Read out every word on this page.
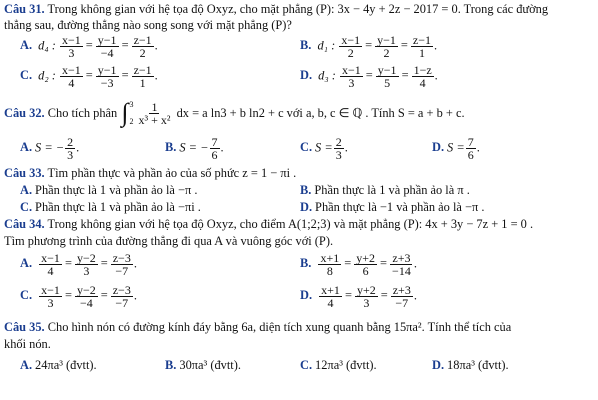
Câu 31. Trong không gian với hệ tọa độ Oxyz, cho mặt phẳng (P): 3x − 4y + 2z − 2017 = 0. Trong các đường
thẳng sau, đường thẳng nào song song với mặt phẳng (P)?
A. d₄ : $\frac{x-1}{3} = \frac{y-1}{-4} = \frac{z-1}{2}$ .	B. d₁ : $\frac{x-1}{2} = \frac{y-1}{2} = \frac{z-1}{1}$ .
C. d₂ : $\frac{x-1}{4} = \frac{y-1}{-3} = \frac{z-1}{1}$ .	D. d₃ : $\frac{x-1}{3} = \frac{y-1}{5} = \frac{1-z}{4}$ .
Câu 32.
Cho tích phân
∫ 3
$2 \frac{1}{\text{x³ + x²}}$
dx = a ln3 + b ln2 + c với a, b, c ∈ ℚ . Tính S = a + b + c.
A. S = − $\frac{2}{3}$ .	B. S = − $\frac{7}{6}$ .	C. $S = \frac{2}{3}$ .	D. $S = \frac{7}{6}$ .
Câu 33. Tìm phần thực và phần ảo của số phức z = 1 − πi .
A. Phần thực là 1 và phần ảo là −π .	B. Phần thực là 1 và phần ảo là π .
C. Phần thực là 1 và phần ảo là −πi .	D. Phần thực là −1 và phần ảo là −π .
Câu 34. Trong không gian với hệ tọa độ Oxyz, cho điểm A(1;2;3) và mặt phẳng (P): 4x + 3y − 7z + 1 = 0 .
Tìm phương trình của đường thẳng đi qua A và vuông góc với (P).
A. $\frac{x-1}{4} = \frac{y-2}{3} = \frac{z-3}{-7}$ .	B. $\frac{x+1}{8} = \frac{y+2}{6} = \frac{z+3}{-14}$ .
C. $\frac{x-1}{3} = \frac{y-2}{-4} = \frac{z-3}{-7}$ .	D. $\frac{x+1}{4} = \frac{y+2}{3} = \frac{z+3}{-7}$ .
Câu 35. Cho hình nón có đường kính đáy bằng 6a, diện tích xung quanh bằng 15πa². Tính thể tích của
khối nón.
A. 24πa³ (đvtt).	B. 30πa³ (đvtt).	C. 12πa³ (đvtt).	D. 18πa³ (đvtt).
